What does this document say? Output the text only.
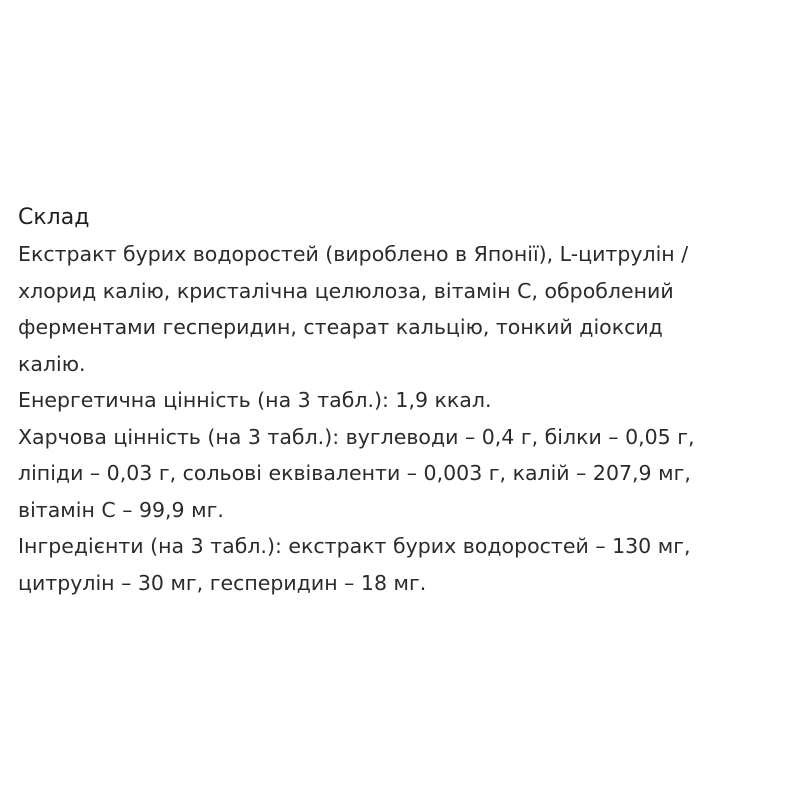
Склад

Екстракт бурих водоростей (вироблено в Японії), L-цитрулін /
хлорид калію, кристалічна целюлоза, вітамін C, оброблений
ферментами гесперидин, стеарат кальцію, тонкий діоксид
калію.

Енергетична цінність (на 3 табл.): 1,9 ккал.

Харчова цінність (на 3 табл.): вуглеводи – 0,4 г, білки – 0,05 г,
ліпіди – 0,03 г, сольові еквіваленти – 0,003 г, калій – 207,9 мг,
вітамін C – 99,9 мг.

Інгредієнти (на 3 табл.): екстракт бурих водоростей – 130 мг,
цитрулін – 30 мг, гесперидин – 18 мг.
